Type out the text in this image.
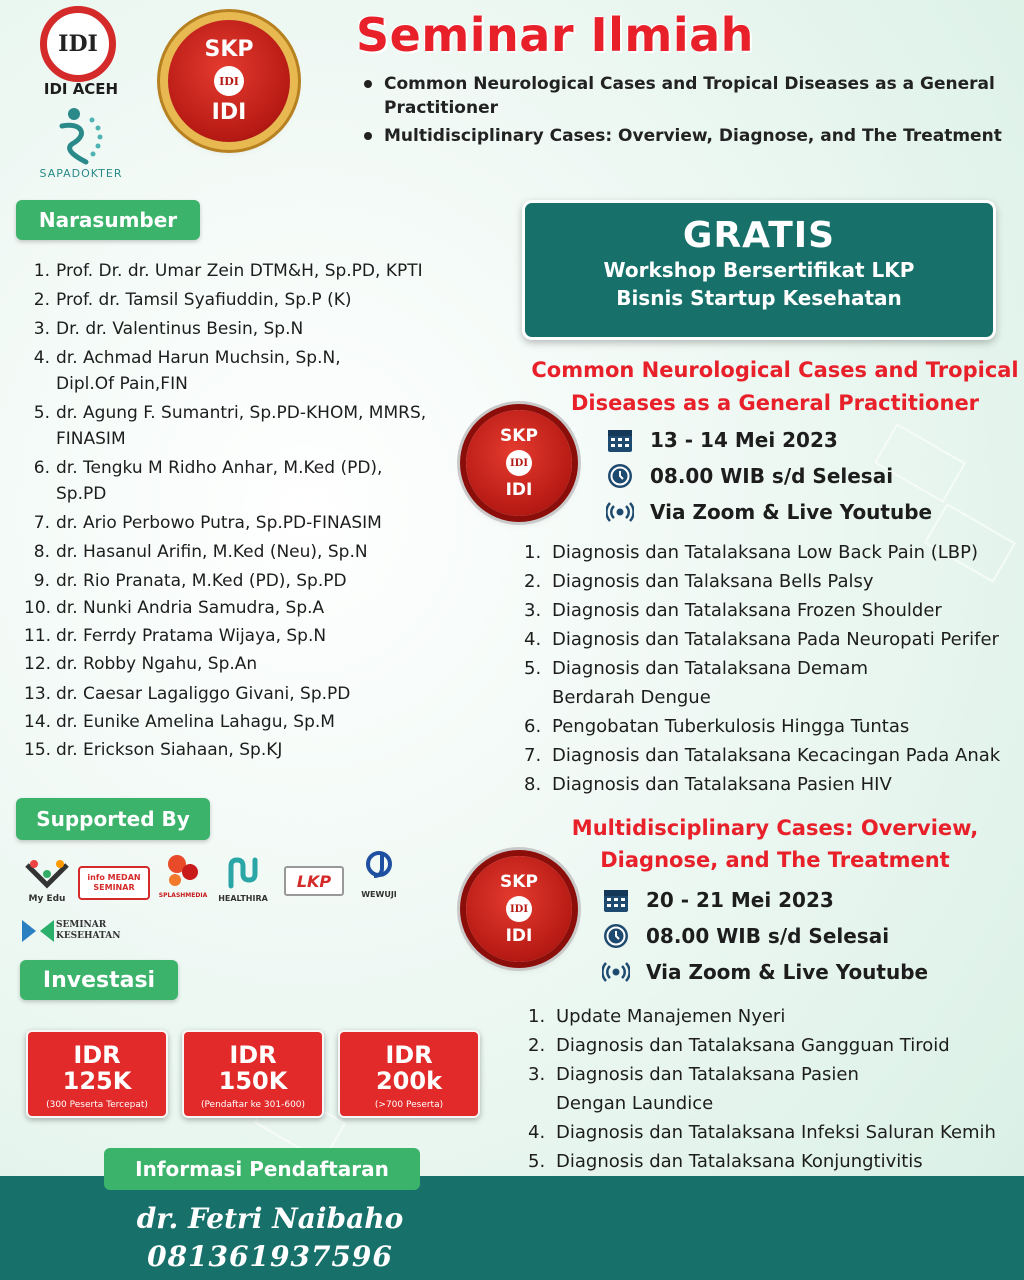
IDI
IDI ACEH
SAPADOKTER
SKP
IDI
IDI
Seminar Ilmiah
Common Neurological Cases and Tropical Diseases as a General Practitioner
Multidisciplinary Cases: Overview, Diagnose, and The Treatment
Narasumber
1. Prof. Dr. dr. Umar Zein DTM&H, Sp.PD, KPTI
2. Prof. dr. Tamsil Syafiuddin, Sp.P (K)
3. Dr. dr. Valentinus Besin, Sp.N
4. dr. Achmad Harun Muchsin, Sp.N, Dipl.Of Pain,FIN
5. dr. Agung F. Sumantri, Sp.PD-KHOM, MMRS, FINASIM
6. dr. Tengku M Ridho Anhar, M.Ked (PD), Sp.PD
7. dr. Ario Perbowo Putra, Sp.PD-FINASIM
8. dr. Hasanul Arifin, M.Ked (Neu), Sp.N
9. dr. Rio Pranata, M.Ked (PD), Sp.PD
10. dr. Nunki Andria Samudra, Sp.A
11. dr. Ferrdy Pratama Wijaya, Sp.N
12. dr. Robby Ngahu, Sp.An
13. dr. Caesar Lagaliggo Givani, Sp.PD
14. dr. Eunike Amelina Lahagu, Sp.M
15. dr. Erickson Siahaan, Sp.KJ
Supported By
My Edu
info MEDAN SEMINAR
SPLASHMEDIA	HEALTHIRA
LKP
WEWUJI
SEMINAR KESEHATAN
Investasi
IDR
125K
(300 Peserta Tercepat)
IDR
150K
(Pendaftar ke 301-600)
IDR
200k
(>700 Peserta)
GRATIS
Workshop Bersertifikat LKP
Bisnis Startup Kesehatan
Common Neurological Cases and Tropical
Diseases as a General Practitioner
SKP
IDI
IDI
13 - 14 Mei 2023
08.00 WIB s/d Selesai
Via Zoom & Live Youtube
1. Diagnosis dan Tatalaksana Low Back Pain (LBP)
2. Diagnosis dan Talaksana Bells Palsy
3. Diagnosis dan Tatalaksana Frozen Shoulder
4. Diagnosis dan Tatalaksana Pada Neuropati Perifer
5. Diagnosis dan Tatalaksana Demam Berdarah Dengue
6. Pengobatan Tuberkulosis Hingga Tuntas
7. Diagnosis dan Tatalaksana Kecacingan Pada Anak
8. Diagnosis dan Tatalaksana Pasien HIV
Multidisciplinary Cases: Overview,
Diagnose, and The Treatment
SKP
IDI
IDI
20 - 21 Mei 2023
08.00 WIB s/d Selesai
Via Zoom & Live Youtube
1. Update Manajemen Nyeri
2. Diagnosis dan Tatalaksana Gangguan Tiroid
3. Diagnosis dan Tatalaksana Pasien Dengan Laundice
4. Diagnosis dan Tatalaksana Infeksi Saluran Kemih
5. Diagnosis dan Tatalaksana Konjungtivitis
Informasi Pendaftaran
dr. Fetri Naibaho
081361937596
